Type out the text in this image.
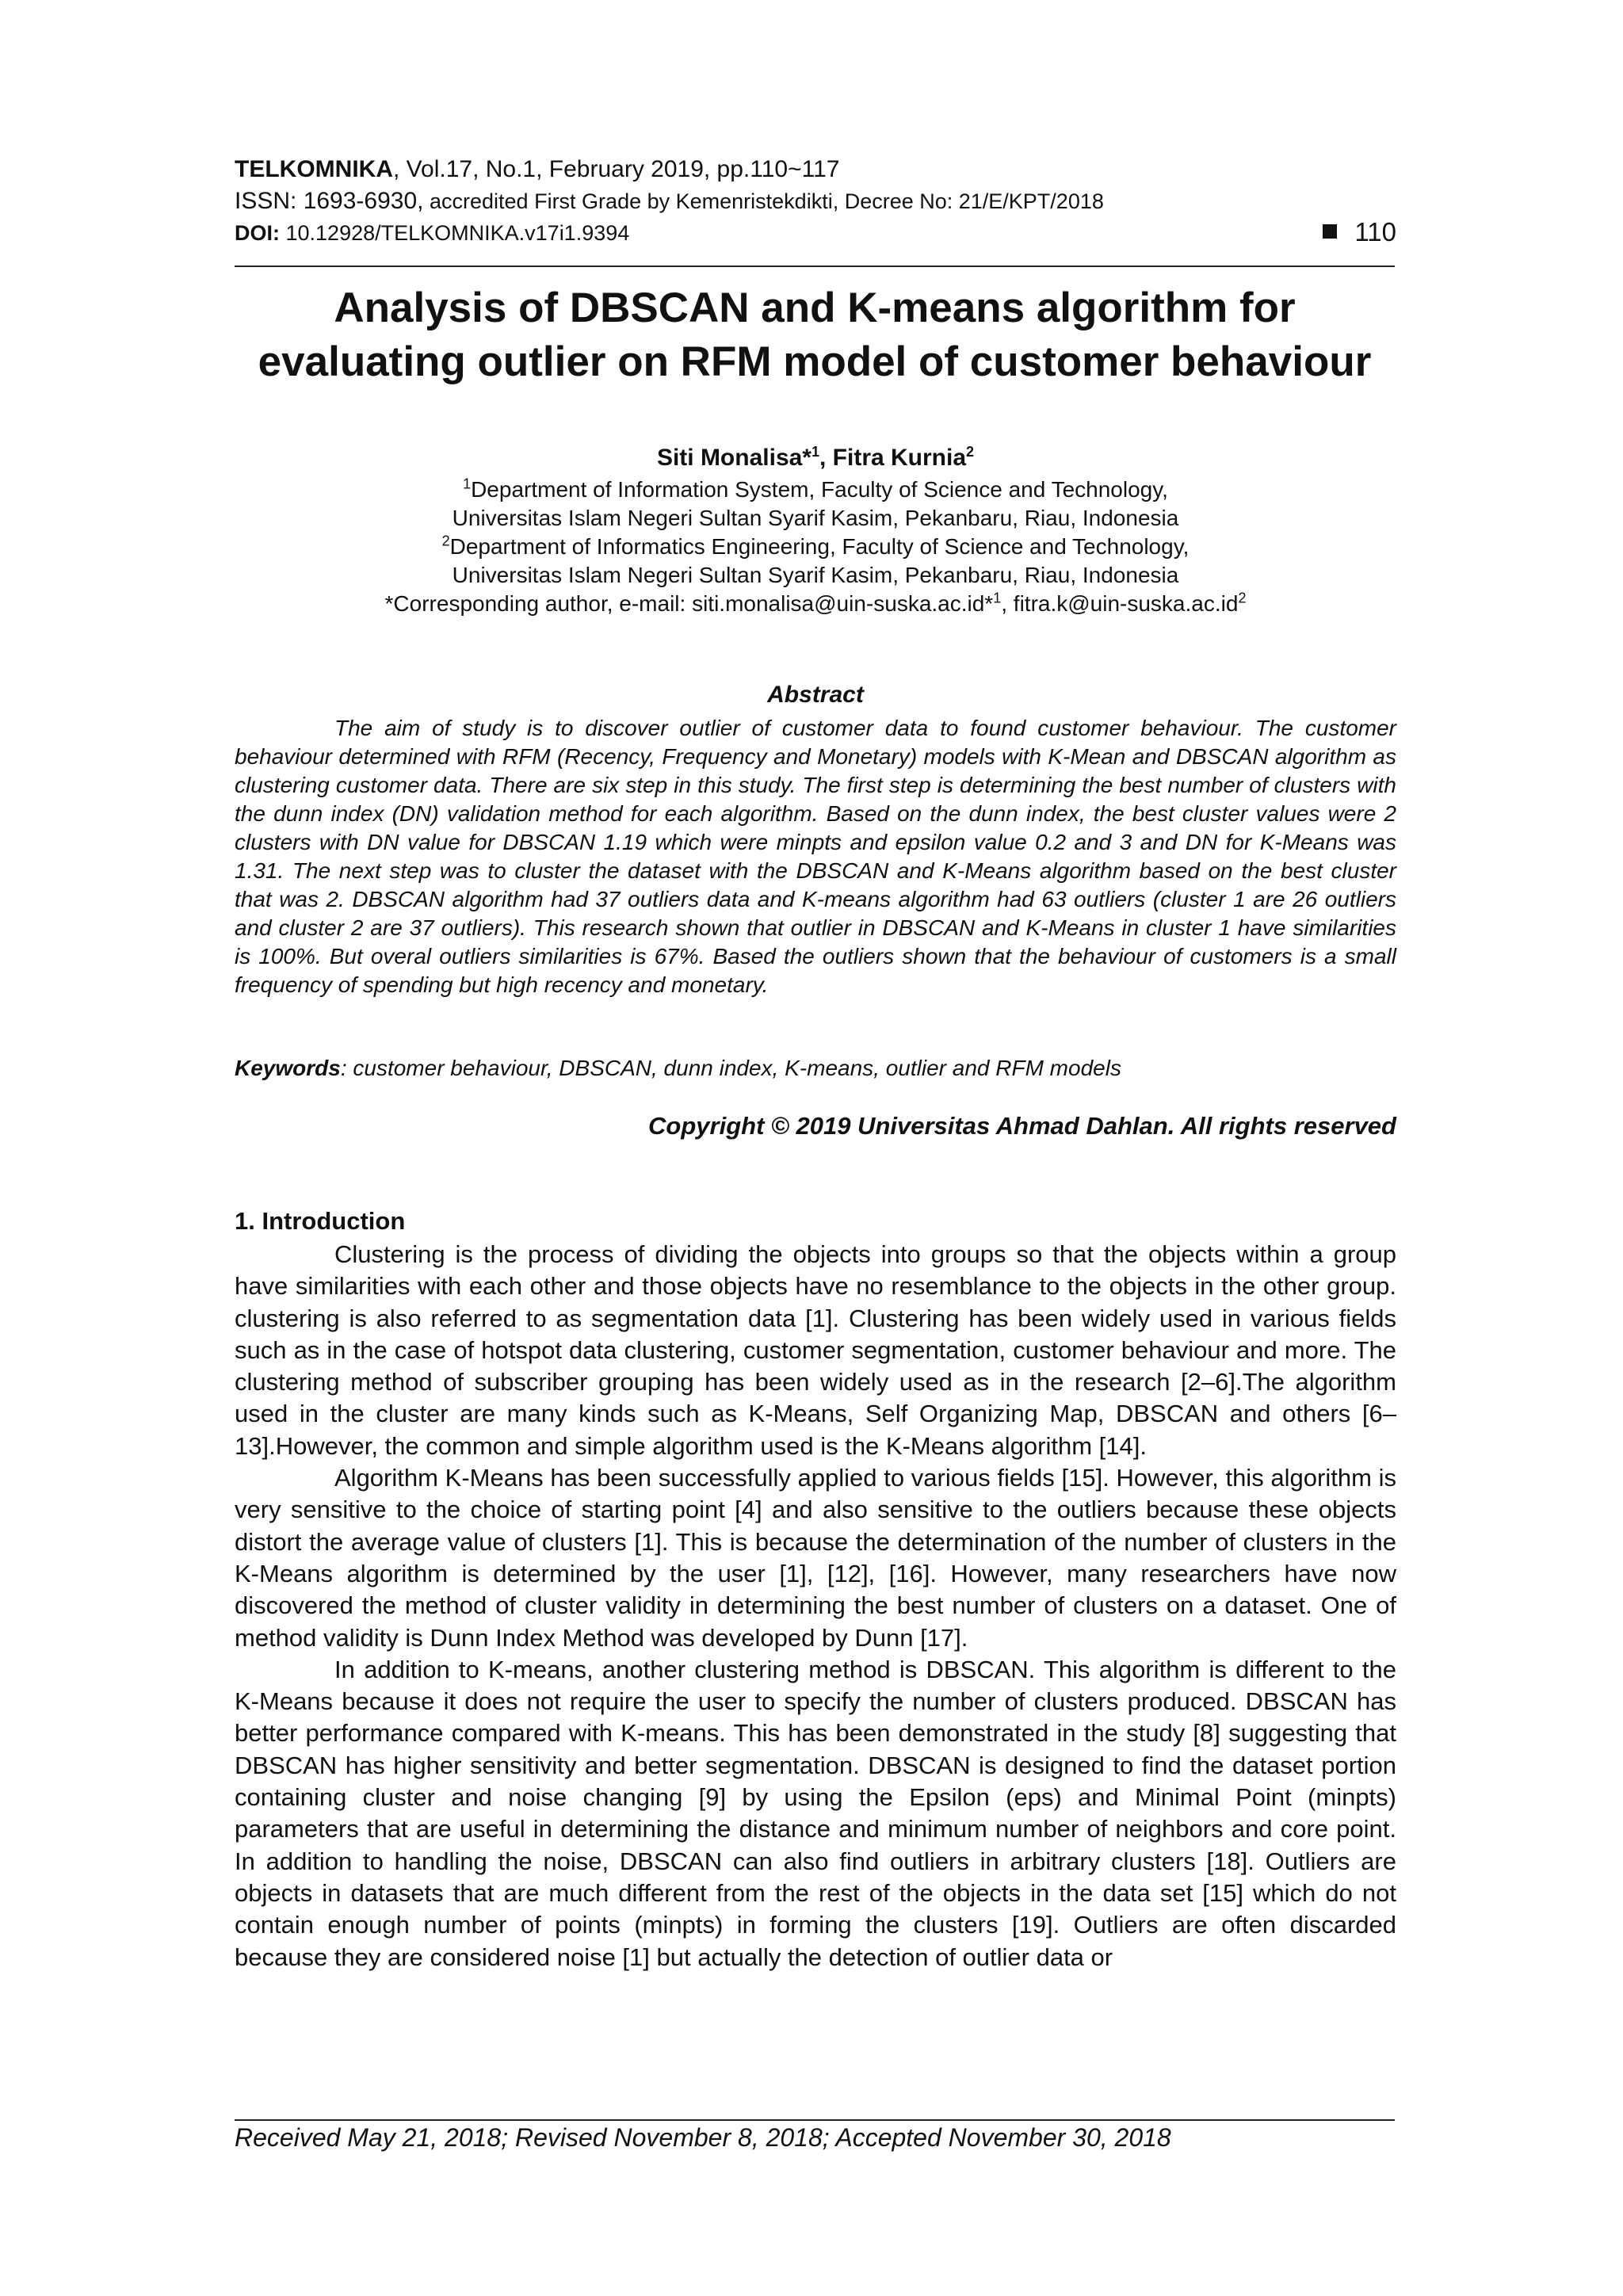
TELKOMNIKA, Vol.17, No.1, February 2019, pp.110~117
ISSN: 1693-6930, accredited First Grade by Kemenristekdikti, Decree No: 21/E/KPT/2018
DOI: 10.12928/TELKOMNIKA.v17i1.9394	110
Analysis of DBSCAN and K-means algorithm for
evaluating outlier on RFM model of customer behaviour
Siti Monalisa*$^1$, Fitra Kurnia$^2$
$^1$Department of Information System, Faculty of Science and Technology,
Universitas Islam Negeri Sultan Syarif Kasim, Pekanbaru, Riau, Indonesia
$^2$Department of Informatics Engineering, Faculty of Science and Technology,
Universitas Islam Negeri Sultan Syarif Kasim, Pekanbaru, Riau, Indonesia
*Corresponding author, e-mail: siti.monalisa@uin-suska.ac.id*$^1$, $fitra.k@uin-suska.ac.id^2$
Abstract
The aim of study is to discover outlier of customer data to found customer behaviour. The customer behaviour determined with RFM (Recency, Frequency and Monetary) models with K-Mean and DBSCAN algorithm as clustering customer data. There are six step in this study. The first step is determining the best number of clusters with the dunn index (DN) validation method for each algorithm. Based on the dunn index, the best cluster values were 2 clusters with DN value for DBSCAN 1.19 which were minpts and epsilon value 0.2 and 3 and DN for K-Means was 1.31. The next step was to cluster the dataset with the DBSCAN and K-Means algorithm based on the best cluster that was 2. DBSCAN algorithm had 37 outliers data and K-means algorithm had 63 outliers (cluster 1 are 26 outliers and cluster 2 are 37 outliers). This research shown that outlier in DBSCAN and K-Means in cluster 1 have similarities is 100%. But overal outliers similarities is 67%. Based the outliers shown that the behaviour of customers is a small frequency of spending but high recency and monetary.
Keywords: customer behaviour, DBSCAN, dunn index, K-means, outlier and RFM models
Copyright © 2019 Universitas Ahmad Dahlan. All rights reserved
1. Introduction

Clustering is the process of dividing the objects into groups so that the objects within a group have similarities with each other and those objects have no resemblance to the objects in the other group. clustering is also referred to as segmentation data [1]. Clustering has been widely used in various fields such as in the case of hotspot data clustering, customer segmentation, customer behaviour and more. The clustering method of subscriber grouping has been widely used as in the research [2–6].The algorithm used in the cluster are many kinds such as K-Means, Self Organizing Map, DBSCAN and others [6–13].However, the common and simple algorithm used is the K-Means algorithm [14].

Algorithm K-Means has been successfully applied to various fields [15]. However, this algorithm is very sensitive to the choice of starting point [4] and also sensitive to the outliers because these objects distort the average value of clusters [1]. This is because the determination of the number of clusters in the K-Means algorithm is determined by the user [1], [12], [16]. However, many researchers have now discovered the method of cluster validity in determining the best number of clusters on a dataset. One of method validity is Dunn Index Method was developed by Dunn [17].

In addition to K-means, another clustering method is DBSCAN. This algorithm is different to the K-Means because it does not require the user to specify the number of clusters produced. DBSCAN has better performance compared with K-means. This has been demonstrated in the study [8] suggesting that DBSCAN has higher sensitivity and better segmentation. DBSCAN is designed to find the dataset portion containing cluster and noise changing [9] by using the Epsilon (eps) and Minimal Point (minpts) parameters that are useful in determining the distance and minimum number of neighbors and core point. In addition to handling the noise, DBSCAN can also find outliers in arbitrary clusters [18]. Outliers are objects in datasets that are much different from the rest of the objects in the data set [15] which do not contain enough number of points (minpts) in forming the clusters [19]. Outliers are often discarded because they are considered noise [1] but actually the detection of outlier data or

Received May 21, 2018; Revised November 8, 2018; Accepted November 30, 2018
